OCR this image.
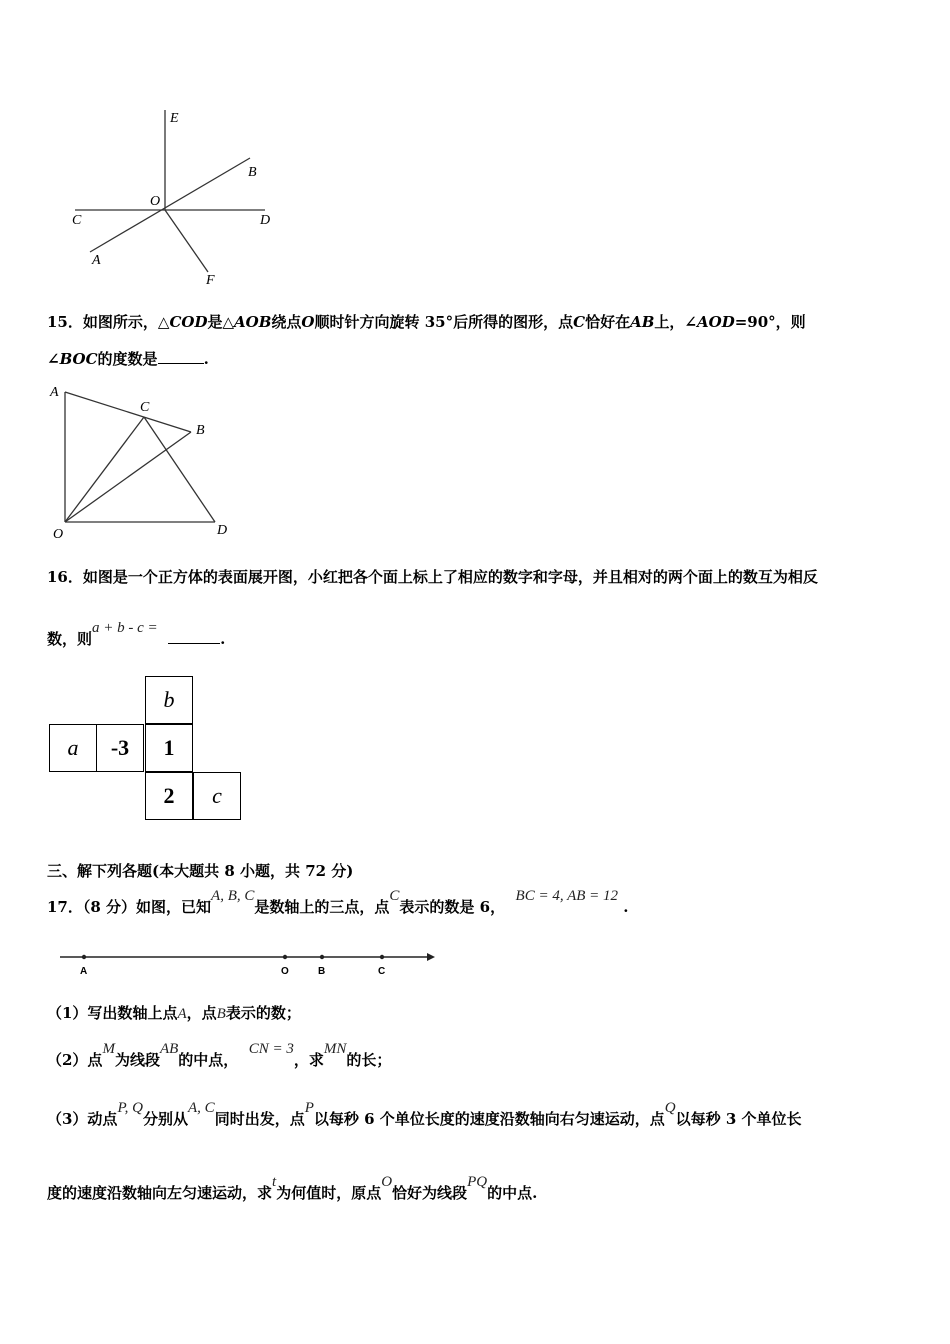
E
B
O
C	D
A
F
15．如图所示，△COD是△AOB绕点O顺时针方向旋转 35°后所得的图形，点C恰好在AB上，∠AOD=90°，则
∠BOC的度数是	.
A
C
B
O	D
16．如图是一个正方体的表面展开图，小红把各个面上标上了相应的数字和字母，并且相对的两个面上的数互为相反
数，则a + b - c =  .
b
a	-3	1
2	c
三、解下列各题(本大题共 8 小题，共 72 分)
17．（8 分）如图，已知A, B, C是数轴上的三点，点C表示的数是 6，  BC = 4, AB = 12 .
A	O	B	C
（1）写出数轴上点A，点B表示的数；
（2）点M为线段AB的中点，  CN = 3，求MN的长；
（3）动点P, Q分别从A, C同时出发，点P以每秒 6 个单位长度的速度沿数轴向右匀速运动，点Q以每秒 3 个单位长
度的速度沿数轴向左匀速运动，求t为何值时，原点O恰好为线段PQ的中点.
